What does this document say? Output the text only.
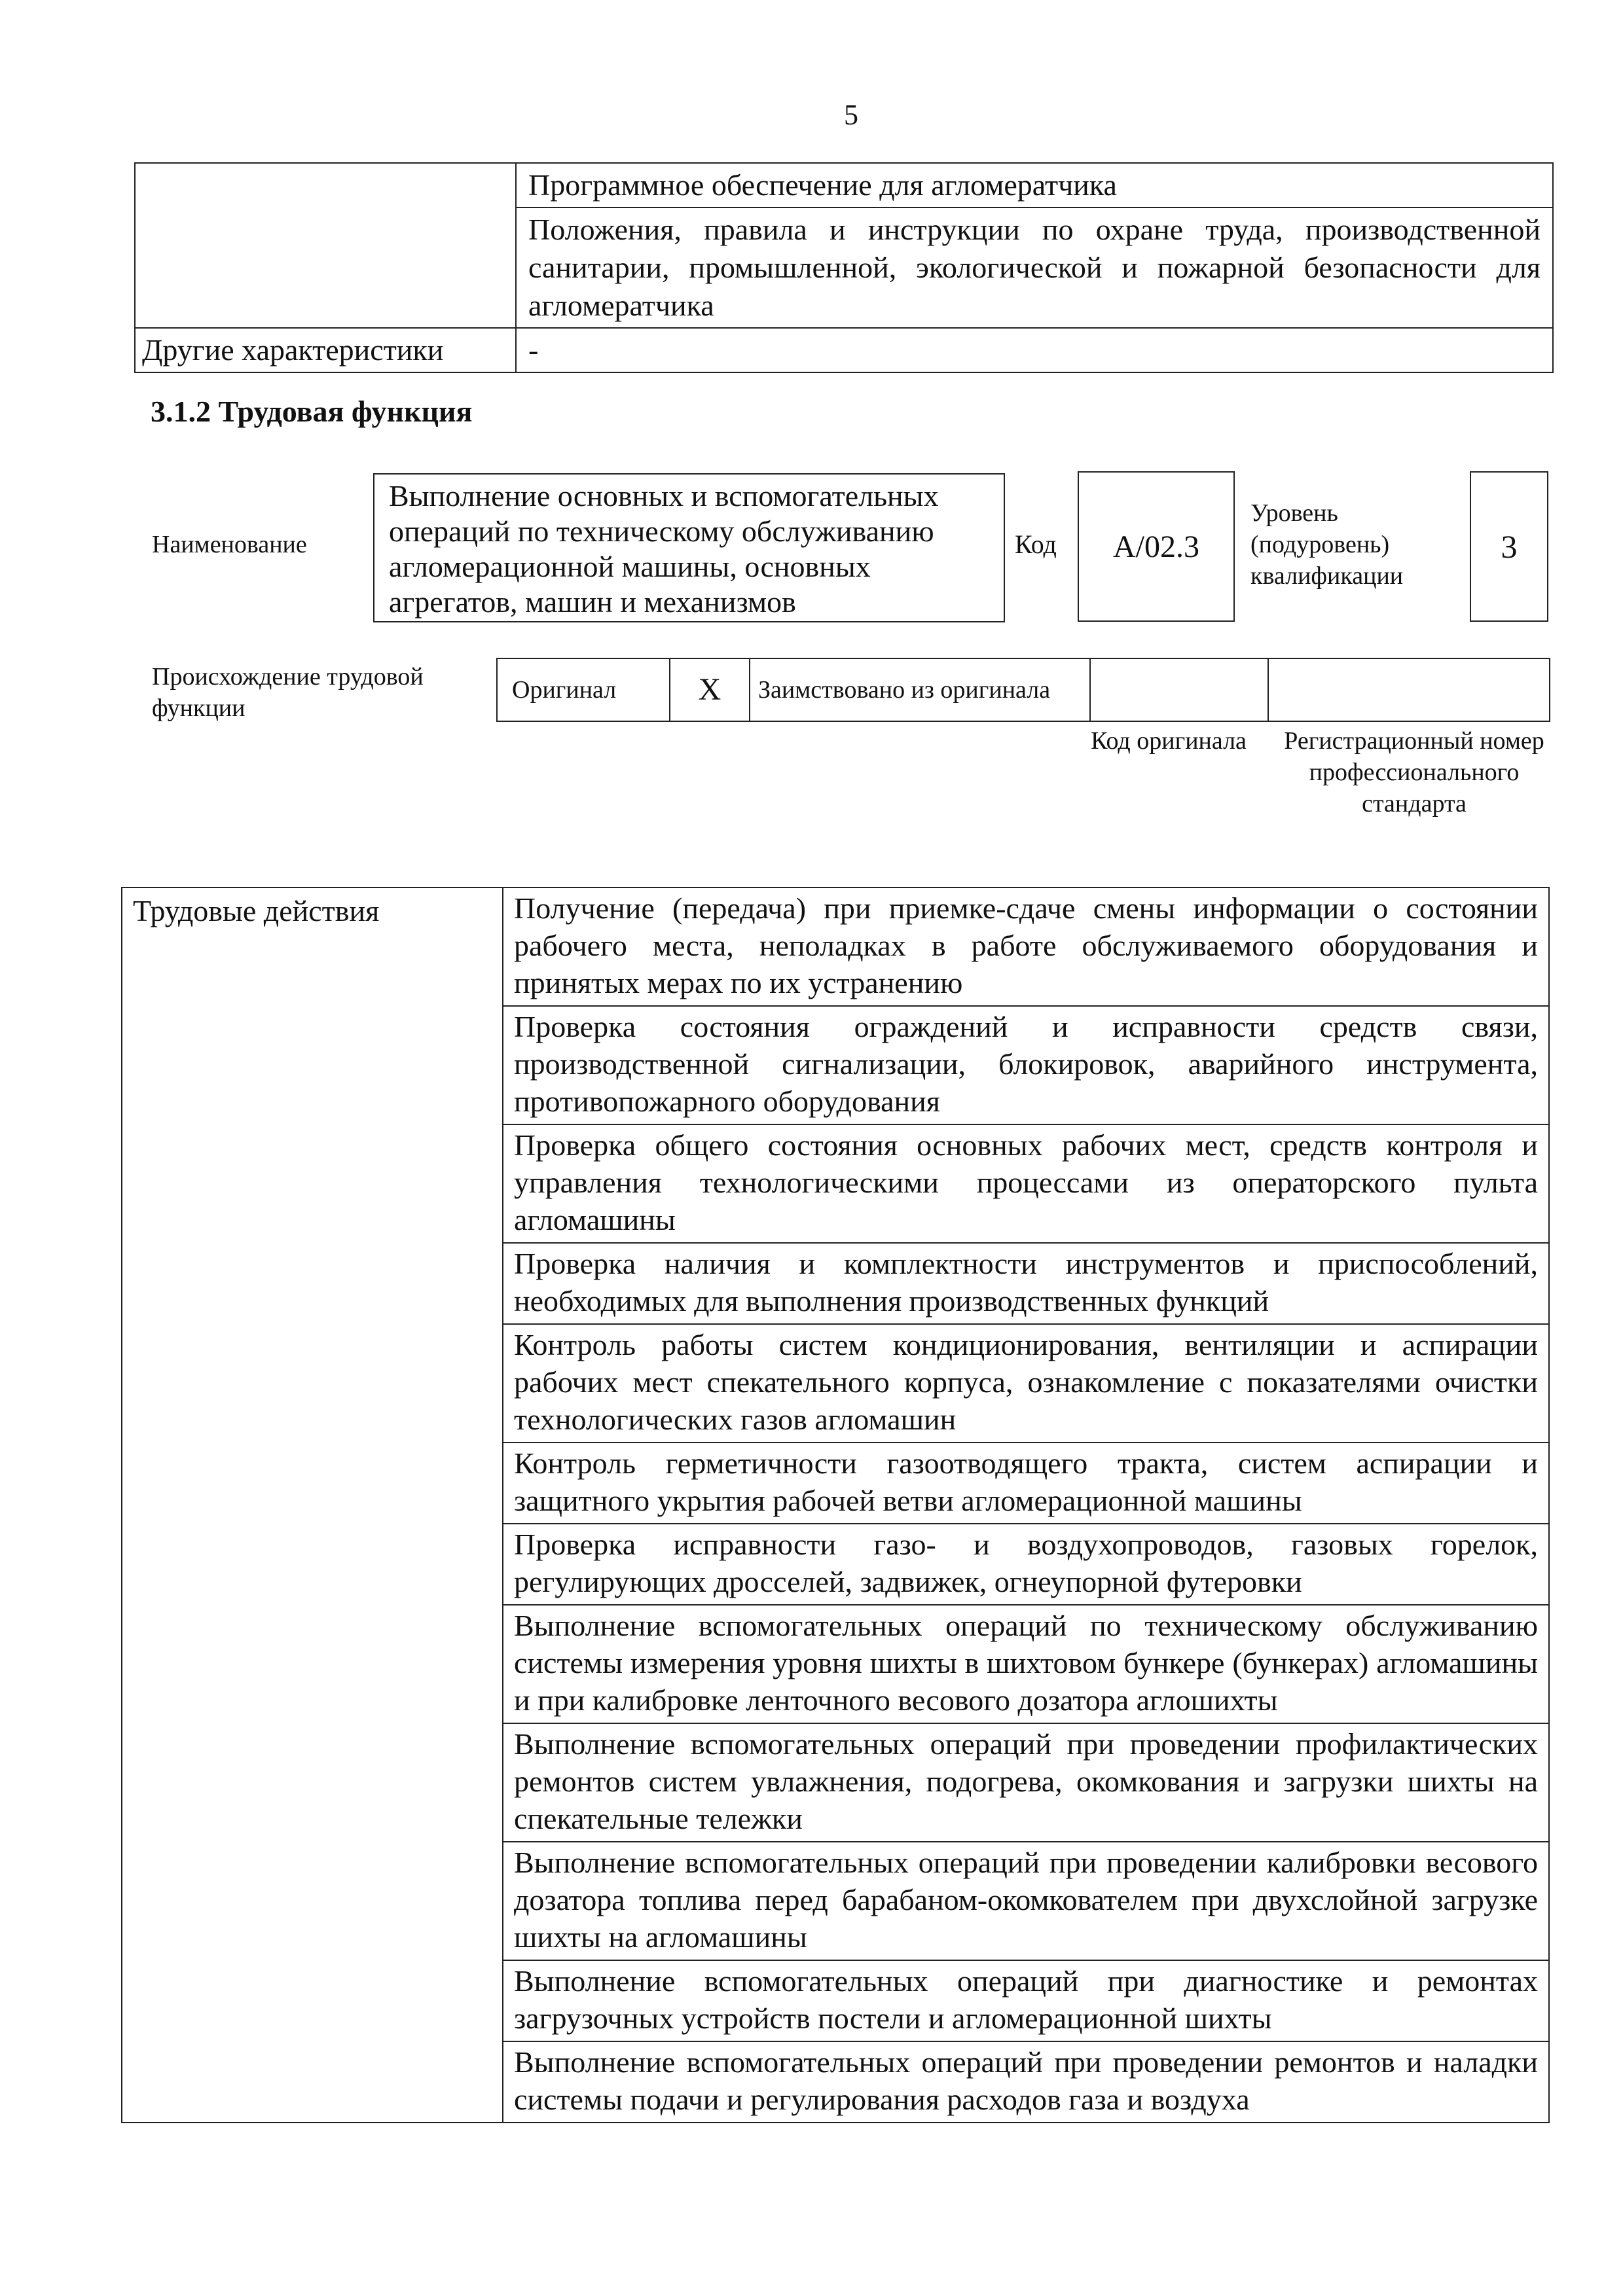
5
	Программное обеспечение для агломератчика
	Положения, правила и инструкции по охране труда, производственной санитарии, промышленной, экологической и пожарной безопасности для агломератчика
Другие характеристики	-
3.1.2 Трудовая функция
Наименование
Выполнение основных и вспомогательных операций по техническому обслуживанию агломерационной машины, основных агрегатов, машин и механизмов
Код	А/02.3
Уровень (подуровень) квалификации
3
Происхождение трудовой функции
Оригинал	X	Заимствовано из оригинала		
Код оригинала	Регистрационный номер профессионального стандарта
Трудовые действия	Получение (передача) при приемке-сдаче смены информации о состоянии рабочего места, неполадках в работе обслуживаемого оборудования и принятых мерах по их устранению
Проверка состояния ограждений и исправности средств связи, производственной сигнализации, блокировок, аварийного инструмента, противопожарного оборудования
Проверка общего состояния основных рабочих мест, средств контроля и управления технологическими процессами из операторского пульта агломашины
Проверка наличия и комплектности инструментов и приспособлений, необходимых для выполнения производственных функций
Контроль работы систем кондиционирования, вентиляции и аспирации рабочих мест спекательного корпуса, ознакомление с показателями очистки технологических газов агломашин
Контроль герметичности газоотводящего тракта, систем аспирации и защитного укрытия рабочей ветви агломерационной машины
Проверка исправности газо- и воздухопроводов, газовых горелок, регулирующих дросселей, задвижек, огнеупорной футеровки
Выполнение вспомогательных операций по техническому обслуживанию системы измерения уровня шихты в шихтовом бункере (бункерах) агломашины и при калибровке ленточного весового дозатора аглошихты
Выполнение вспомогательных операций при проведении профилактических ремонтов систем увлажнения, подогрева, окомкования и загрузки шихты на спекательные тележки
Выполнение вспомогательных операций при проведении калибровки весового дозатора топлива перед барабаном-окомкователем при двухслойной загрузке шихты на агломашины
Выполнение вспомогательных операций при диагностике и ремонтах загрузочных устройств постели и агломерационной шихты
Выполнение вспомогательных операций при проведении ремонтов и наладки системы подачи и регулирования расходов газа и воздуха
